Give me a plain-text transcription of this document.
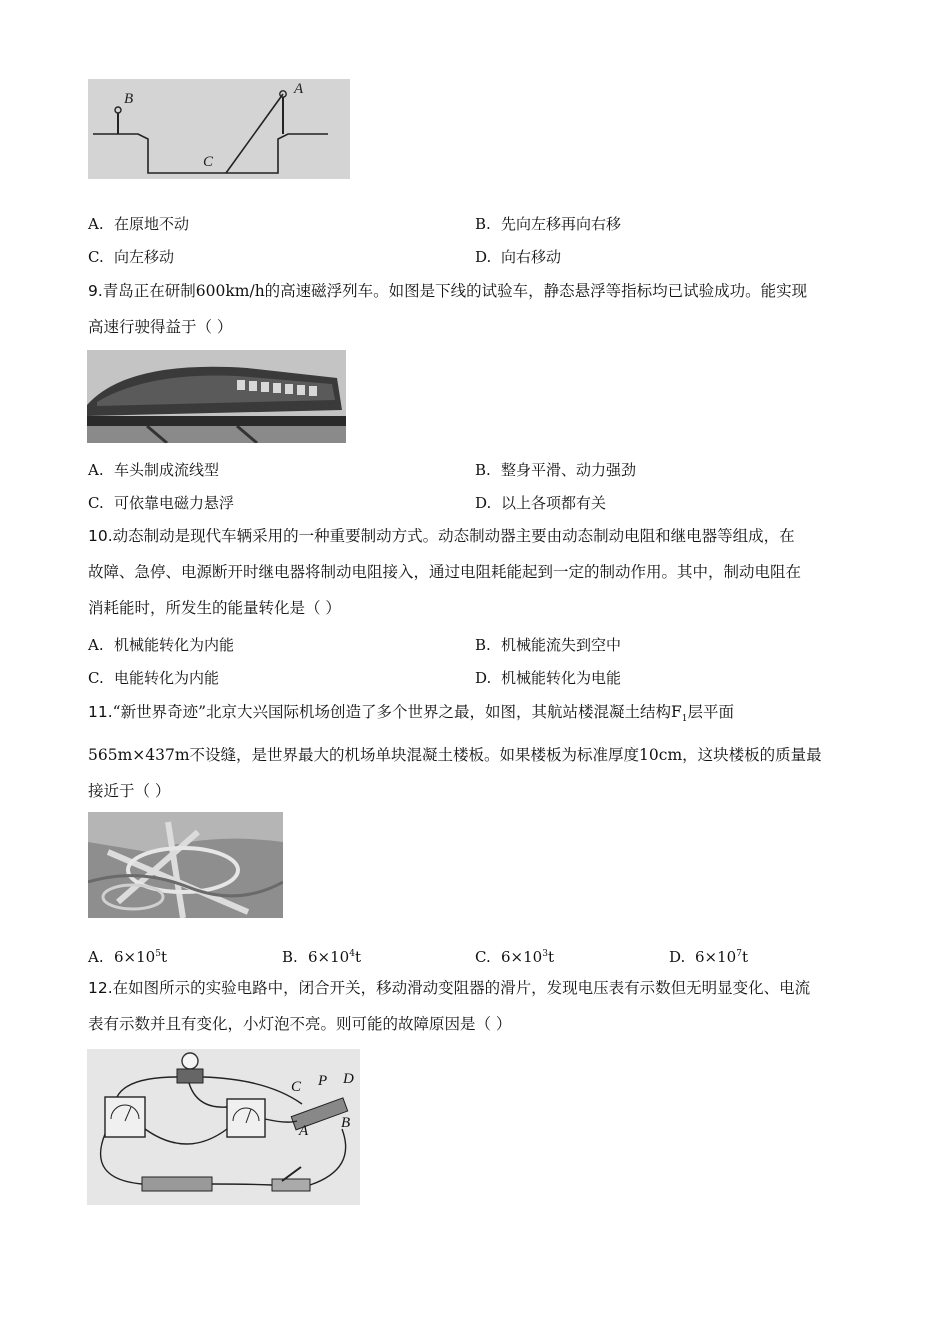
B
A
C
A. 在原地不动	B. 先向左移再向右移
C. 向左移动	D. 向右移动
9.青岛正在研制600km/h的高速磁浮列车。如图是下线的试验车，静态悬浮等指标均已试验成功。能实现
高速行驶得益于（ ）
A. 车头制成流线型	B. 整身平滑、动力强劲
C. 可依靠电磁力悬浮	D. 以上各项都有关
10.动态制动是现代车辆采用的一种重要制动方式。动态制动器主要由动态制动电阻和继电器等组成，在
故障、急停、电源断开时继电器将制动电阻接入，通过电阻耗能起到一定的制动作用。其中，制动电阻在
消耗能时，所发生的能量转化是（ ）
A. 机械能转化为内能	B. 机械能流失到空中
C. 电能转化为内能	D. 机械能转化为电能
11.“新世界奇迹”北京大兴国际机场创造了多个世界之最，如图，其航站楼混凝土结构$F_1$层平面
565m×437m不设缝，是世界最大的机场单块混凝土楼板。如果楼板为标准厚度10cm，这块楼板的质量最
接近于（ ）
A. $6\times 10^5t$	B. $6\times 10^4t$	C. $6\times 10^3t$	D. $6\times 10^7t$
12.在如图所示的实验电路中，闭合开关，移动滑动变阻器的滑片，发现电压表有示数但无明显变化、电流
表有示数并且有变化，小灯泡不亮。则可能的故障原因是（ ）
C P D
A B
